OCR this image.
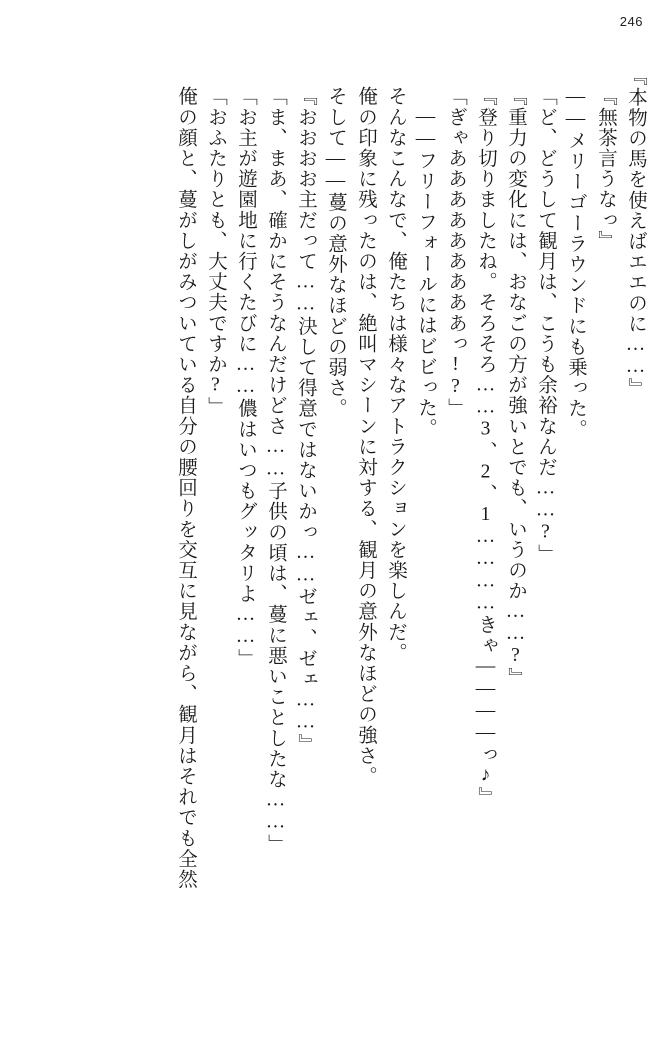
246
『本物の馬を使えばエエのに……』
『無茶言うなっ』
――メリーゴーラウンドにも乗った。
「ど、どうして観月は、こうも余裕なんだ……?」
『重力の変化には、おなごの方が強いとでも、いうのか……?』
『登り切りましたね。そろそろ……3、2、1…………きゃ――――っ♪』
「ぎゃあああああああああっ!?」
――フリーフォールにはビビった。
そんなこんなで、俺たちは様々なアトラクションを楽しんだ。
俺の印象に残ったのは、絶叫マシーンに対する、観月の意外なほどの強さ。
そして――蔓の意外なほどの弱さ。
『おおおお主だって……決して得意ではないかっ……ゼェ、ゼェ……』
「ま、まあ、確かにそうなんだけどさ……子供の頃は、蔓に悪いことしたな……」
「お主が遊園地に行くたびに……儂はいつもグッタリよ……」
「おふたりとも、大丈夫ですか?」
俺の顔と、蔓がしがみついている自分の腰回りを交互に見ながら、観月はそれでも全然
